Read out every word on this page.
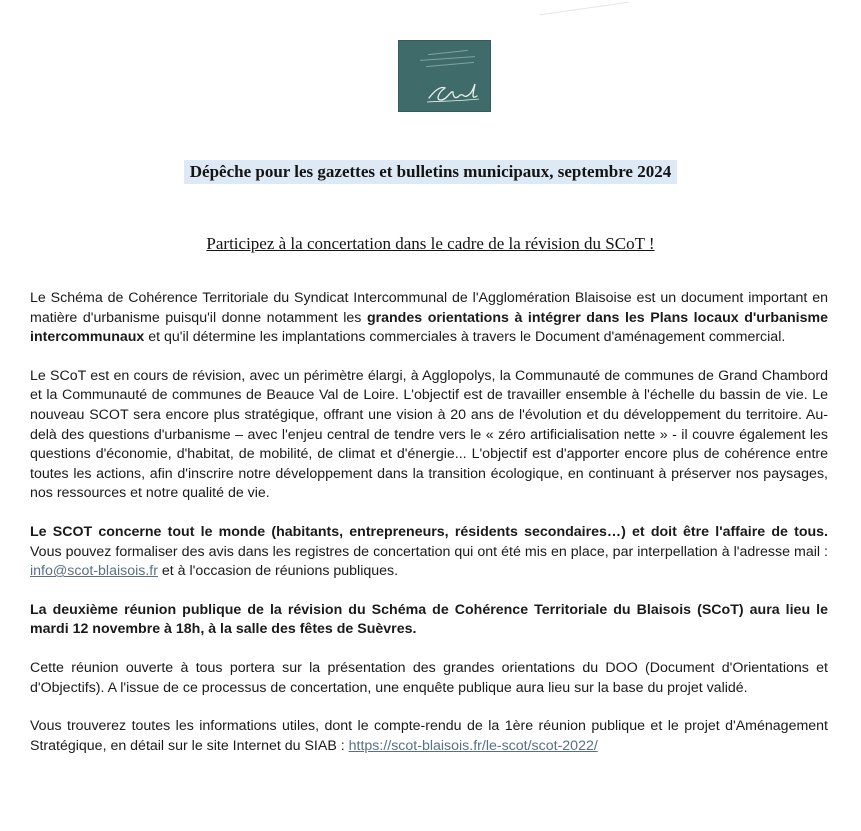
Dépêche pour les gazettes et bulletins municipaux, septembre 2024
Participez à la concertation dans le cadre de la révision du SCoT !

Le Schéma de Cohérence Territoriale du Syndicat Intercommunal de l'Agglomération Blaisoise est un document important en matière d'urbanisme puisqu'il donne notamment les grandes orientations à intégrer dans les Plans locaux d'urbanisme intercommunaux et qu'il détermine les implantations commerciales à travers le Document d'aménagement commercial.

Le SCoT est en cours de révision, avec un périmètre élargi, à Agglopolys, la Communauté de communes de Grand Chambord et la Communauté de communes de Beauce Val de Loire. L'objectif est de travailler ensemble à l'échelle du bassin de vie. Le nouveau SCOT sera encore plus stratégique, offrant une vision à 20 ans de l'évolution et du développement du territoire. Au-delà des questions d'urbanisme – avec l'enjeu central de tendre vers le « zéro artificialisation nette » - il couvre également les questions d'économie, d'habitat, de mobilité, de climat et d'énergie... L'objectif est d'apporter encore plus de cohérence entre toutes les actions, afin d'inscrire notre développement dans la transition écologique, en continuant à préserver nos paysages, nos ressources et notre qualité de vie.

Le SCOT concerne tout le monde (habitants, entrepreneurs, résidents secondaires…) et doit être l'affaire de tous. Vous pouvez formaliser des avis dans les registres de concertation qui ont été mis en place, par interpellation à l'adresse mail : info@scot-blaisois.fr et à l'occasion de réunions publiques.

La deuxième réunion publique de la révision du Schéma de Cohérence Territoriale du Blaisois (SCoT) aura lieu le mardi 12 novembre à 18h, à la salle des fêtes de Suèvres.

Cette réunion ouverte à tous portera sur la présentation des grandes orientations du DOO (Document d'Orientations et d'Objectifs). A l'issue de ce processus de concertation, une enquête publique aura lieu sur la base du projet validé.

Vous trouverez toutes les informations utiles, dont le compte-rendu de la 1ère réunion publique et le projet d'Aménagement Stratégique, en détail sur le site Internet du SIAB : https://scot-blaisois.fr/le-scot/scot-2022/
